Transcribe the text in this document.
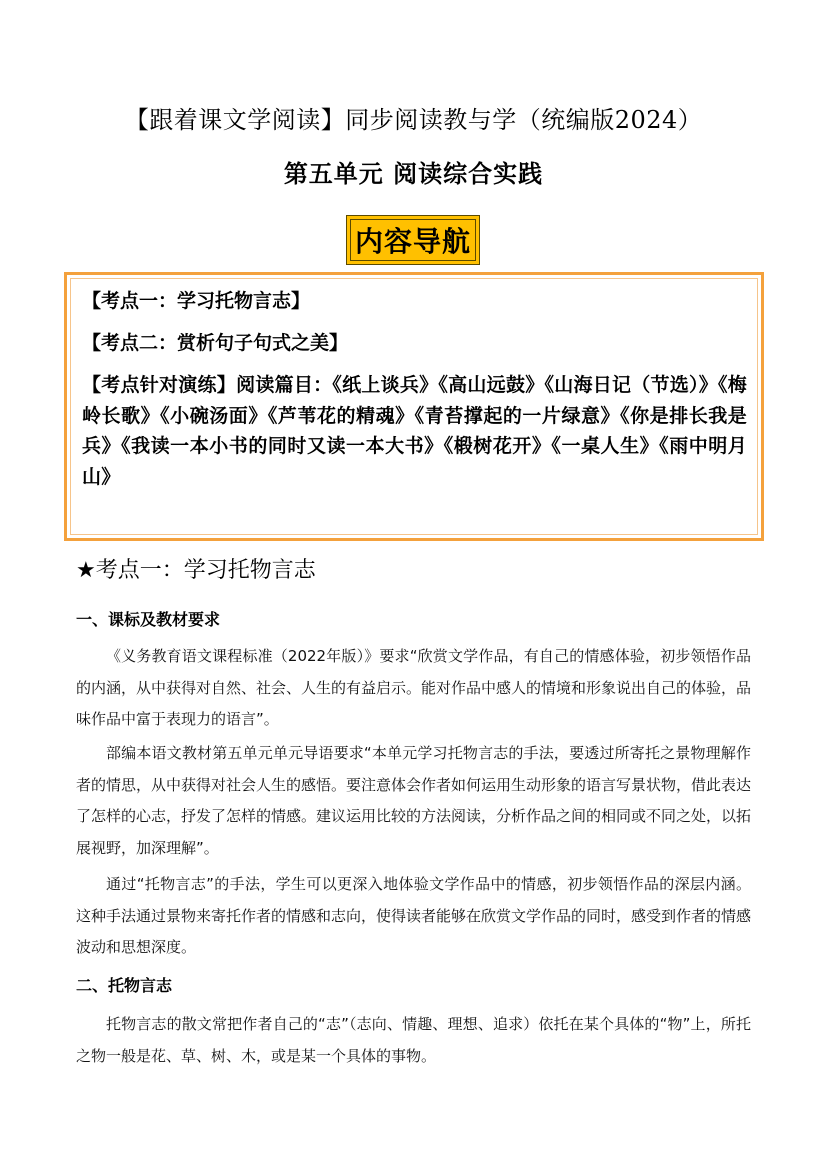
【跟着课文学阅读】同步阅读教与学（统编版2024）
第五单元 阅读综合实践
内容导航
【考点一：学习托物言志】
【考点二：赏析句子句式之美】
【考点针对演练】阅读篇目：《纸上谈兵》《高山远鼓》《山海日记（节选）》《梅岭长歌》《小碗汤面》《芦苇花的精魂》《青苔撑起的一片绿意》《你是排长我是兵》《我读一本小书的同时又读一本大书》《椴树花开》《一桌人生》《雨中明月山》
★考点一：学习托物言志
一、课标及教材要求
《义务教育语文课程标准（2022年版）》要求“欣赏文学作品，有自己的情感体验，初步领悟作品的内涵，从中获得对自然、社会、人生的有益启示。能对作品中感人的情境和形象说出自己的体验，品味作品中富于表现力的语言”。
部编本语文教材第五单元单元导语要求“本单元学习托物言志的手法，要透过所寄托之景物理解作者的情思，从中获得对社会人生的感悟。要注意体会作者如何运用生动形象的语言写景状物，借此表达了怎样的心志，抒发了怎样的情感。建议运用比较的方法阅读，分析作品之间的相同或不同之处，以拓展视野，加深理解”。
通过“托物言志”的手法，学生可以更深入地体验文学作品中的情感，初步领悟作品的深层内涵。这种手法通过景物来寄托作者的情感和志向，使得读者能够在欣赏文学作品的同时，感受到作者的情感波动和思想深度。
二、托物言志
托物言志的散文常把作者自己的“志”（志向、情趣、理想、追求）依托在某个具体的“物”上，所托之物一般是花、草、树、木，或是某一个具体的事物。
